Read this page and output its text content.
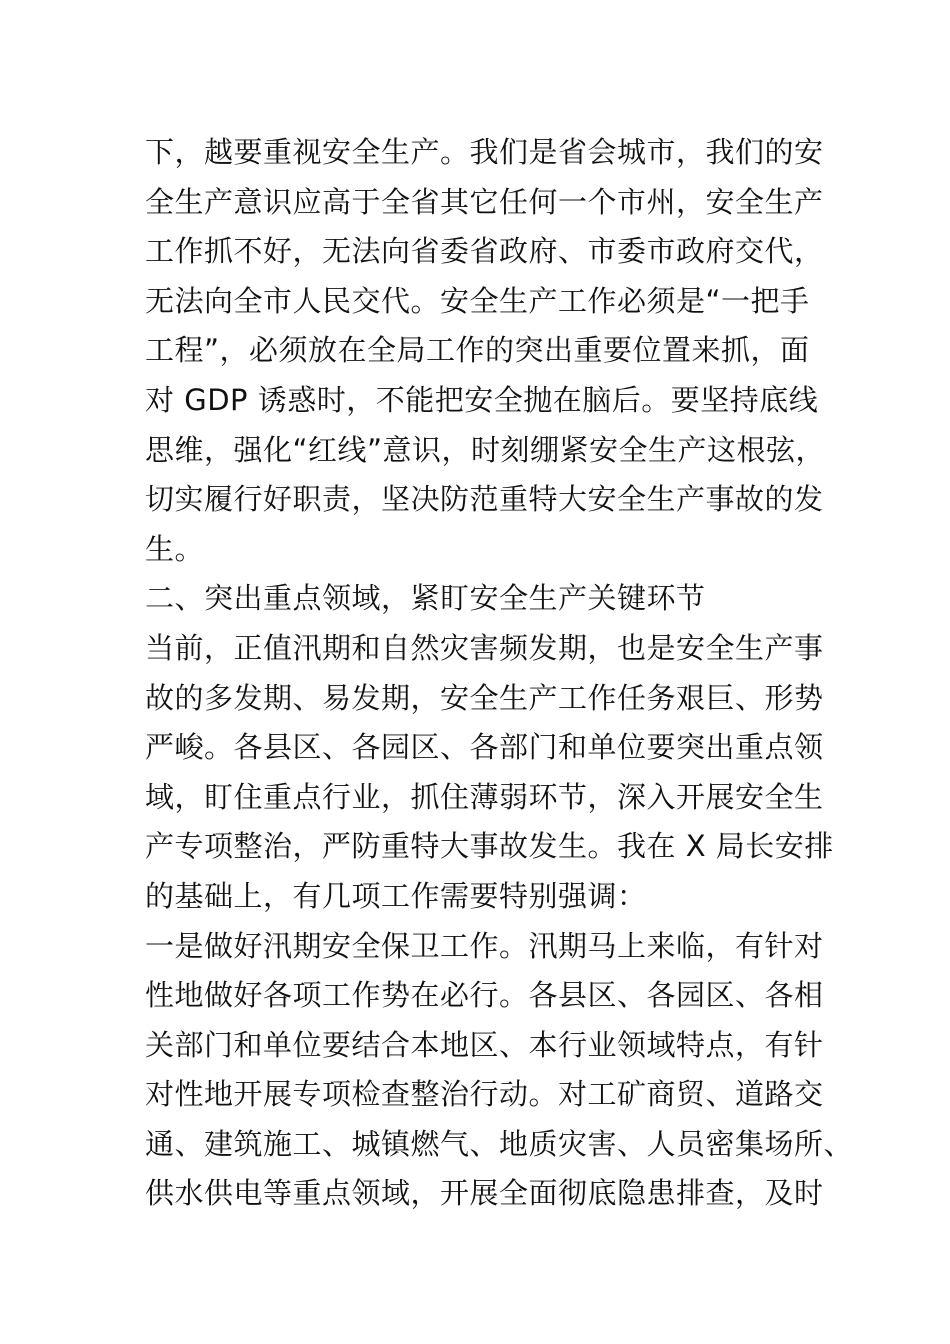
下，越要重视安全生产。我们是省会城市，我们的安
全生产意识应高于全省其它任何一个市州，安全生产
工作抓不好，无法向省委省政府、市委市政府交代，
无法向全市人民交代。安全生产工作必须是“一把手
工程”，必须放在全局工作的突出重要位置来抓，面
对 GDP 诱惑时，不能把安全抛在脑后。要坚持底线
思维，强化“红线”意识，时刻绷紧安全生产这根弦，
切实履行好职责，坚决防范重特大安全生产事故的发
生。
二、突出重点领域，紧盯安全生产关键环节
当前，正值汛期和自然灾害频发期，也是安全生产事
故的多发期、易发期，安全生产工作任务艰巨、形势
严峻。各县区、各园区、各部门和单位要突出重点领
域，盯住重点行业，抓住薄弱环节，深入开展安全生
产专项整治，严防重特大事故发生。我在 X 局长安排
的基础上，有几项工作需要特别强调：
一是做好汛期安全保卫工作。汛期马上来临，有针对
性地做好各项工作势在必行。各县区、各园区、各相
关部门和单位要结合本地区、本行业领域特点，有针
对性地开展专项检查整治行动。对工矿商贸、道路交
通、建筑施工、城镇燃气、地质灾害、人员密集场所、
供水供电等重点领域，开展全面彻底隐患排查，及时
